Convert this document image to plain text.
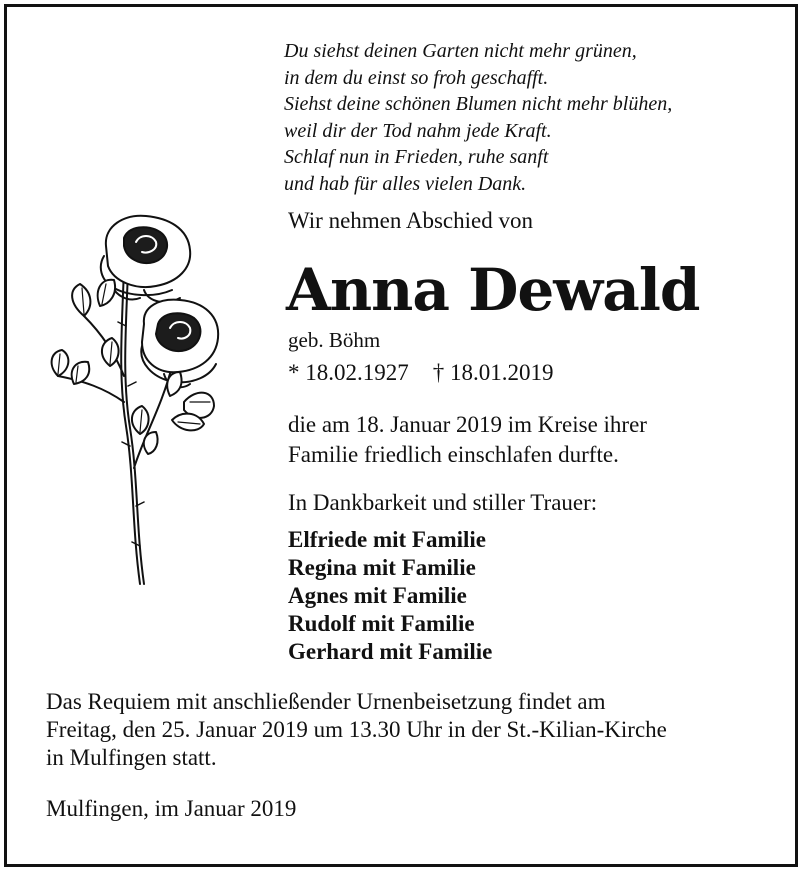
Du siehst deinen Garten nicht mehr grünen,
in dem du einst so froh geschafft.
Siehst deine schönen Blumen nicht mehr blühen,
weil dir der Tod nahm jede Kraft.
Schlaf nun in Frieden, ruhe sanft
und hab für alles vielen Dank.

Wir nehmen Abschied von

Anna Dewald

geb. Böhm

* 18.02.1927 † 18.01.2019

die am 18. Januar 2019 im Kreise ihrer
Familie friedlich einschlafen durfte.

In Dankbarkeit und stiller Trauer:

Elfriede mit Familie
Regina mit Familie
Agnes mit Familie
Rudolf mit Familie
Gerhard mit Familie

Das Requiem mit anschließender Urnenbeisetzung findet am
Freitag, den 25. Januar 2019 um 13.30 Uhr in der St.-Kilian-Kirche
in Mulfingen statt.

Mulfingen, im Januar 2019
